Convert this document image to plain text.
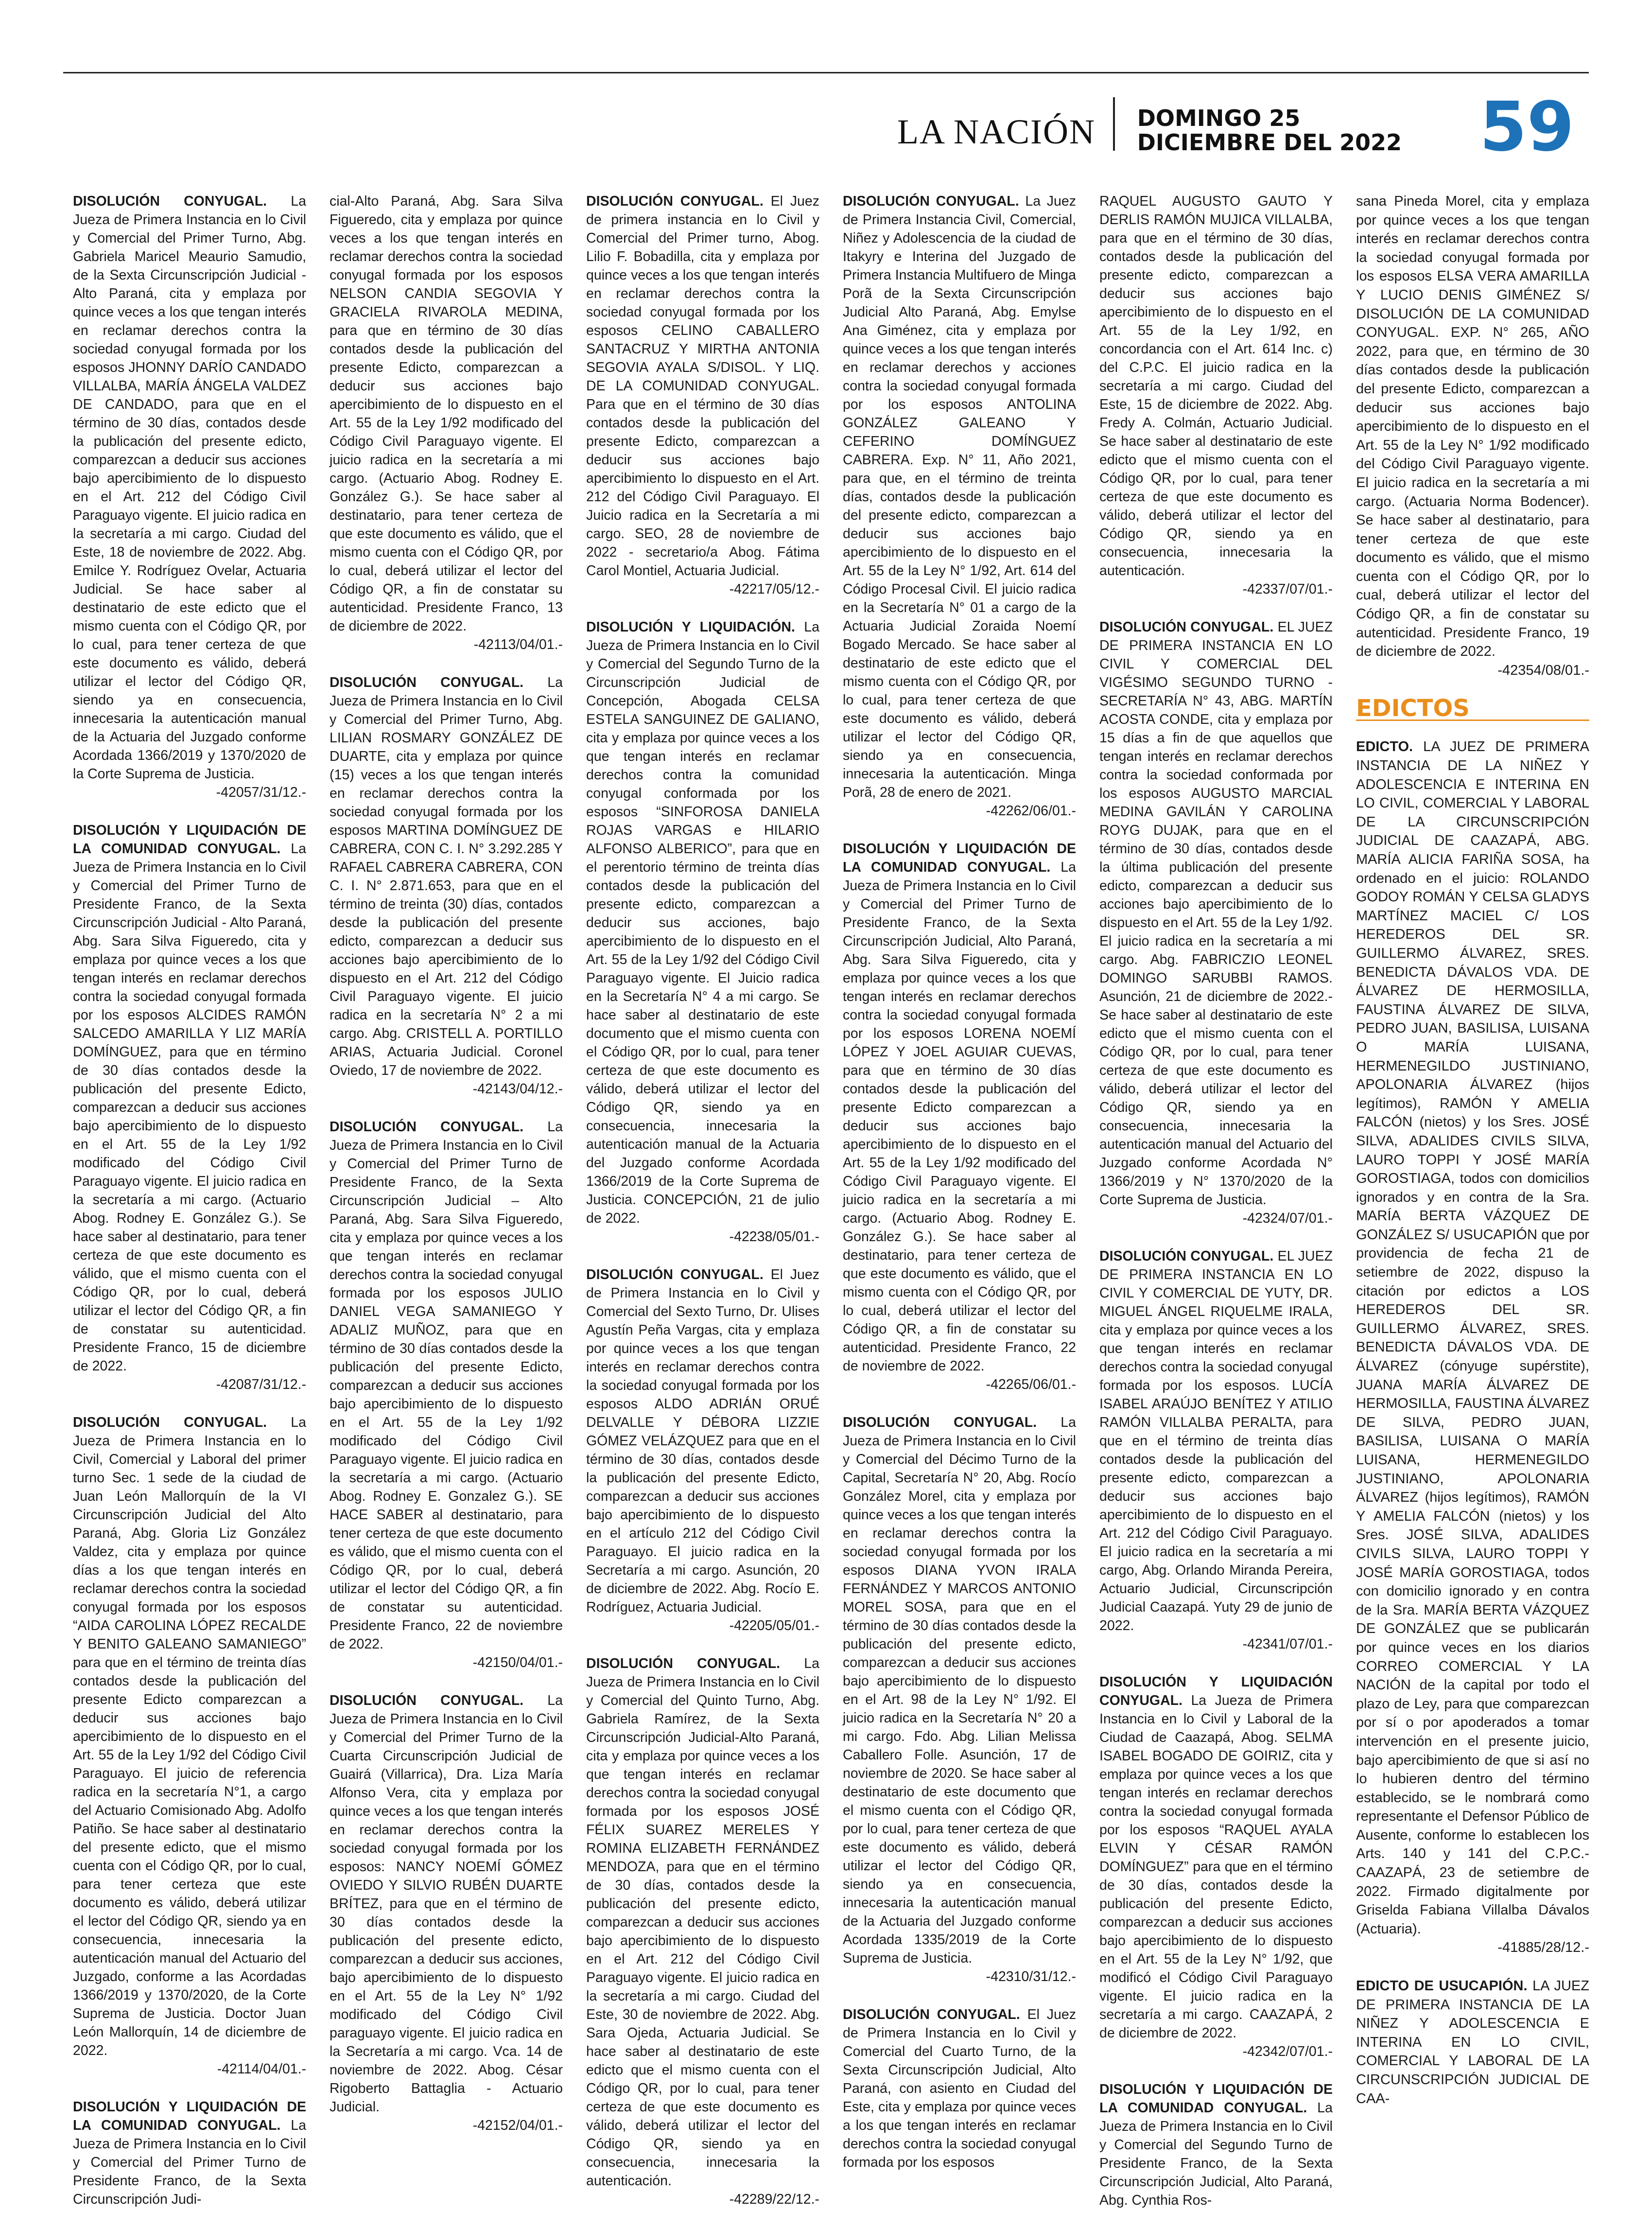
LA NACIÓN DOMINGO 25
DICIEMBRE DEL 2022 59
DISOLUCIÓN CONYUGAL. La Jueza de Primera Instancia en lo Civil y Comercial del Primer Turno, Abg. Gabriela Maricel Meaurio Samudio, de la Sexta Circunscripción Judicial - Alto Paraná, cita y emplaza por quince veces a los que tengan interés en reclamar derechos contra la sociedad conyugal formada por los esposos JHONNY DARÍO CANDADO VILLALBA, MARÍA ÁNGELA VALDEZ DE CANDADO, para que en el término de 30 días, contados desde la publicación del presente edicto, comparezcan a deducir sus acciones bajo apercibimiento de lo dispuesto en el Art. 212 del Código Civil Paraguayo vigente. El juicio radica en la secretaría a mi cargo. Ciudad del Este, 18 de noviembre de 2022. Abg. Emilce Y. Rodríguez Ovelar, Actuaria Judicial. Se hace saber al destinatario de este edicto que el mismo cuenta con el Código QR, por lo cual, para tener certeza de que este documento es válido, deberá utilizar el lector del Código QR, siendo ya en consecuencia, innecesaria la autenticación manual de la Actuaria del Juzgado conforme Acordada 1366/2019 y 1370/2020 de la Corte Suprema de Justicia.
-42057/31/12.-
DISOLUCIÓN Y LIQUIDACIÓN DE LA COMUNIDAD CONYUGAL. La Jueza de Primera Instancia en lo Civil y Comercial del Primer Turno de Presidente Franco, de la Sexta Circunscripción Judicial - Alto Paraná, Abg. Sara Silva Figueredo, cita y emplaza por quince veces a los que tengan interés en reclamar derechos contra la sociedad conyugal formada por los esposos ALCIDES RAMÓN SALCEDO AMARILLA Y LIZ MARÍA DOMÍNGUEZ, para que en término de 30 días contados desde la publicación del presente Edicto, comparezcan a deducir sus acciones bajo apercibimiento de lo dispuesto en el Art. 55 de la Ley 1/92 modificado del Código Civil Paraguayo vigente. El juicio radica en la secretaría a mi cargo. (Actuario Abog. Rodney E. González G.). Se hace saber al destinatario, para tener certeza de que este documento es válido, que el mismo cuenta con el Código QR, por lo cual, deberá utilizar el lector del Código QR, a fin de constatar su autenticidad. Presidente Franco, 15 de diciembre de 2022.
-42087/31/12.-
DISOLUCIÓN CONYUGAL. La Jueza de Primera Instancia en lo Civil, Comercial y Laboral del primer turno Sec. 1 sede de la ciudad de Juan León Mallorquín de la VI Circunscripción Judicial del Alto Paraná, Abg. Gloria Liz González Valdez, cita y emplaza por quince días a los que tengan interés en reclamar derechos contra la sociedad conyugal formada por los esposos “AIDA CAROLINA LÓPEZ RECALDE Y BENITO GALEANO SAMANIEGO” para que en el término de treinta días contados desde la publicación del presente Edicto comparezcan a deducir sus acciones bajo apercibimiento de lo dispuesto en el Art. 55 de la Ley 1/92 del Código Civil Paraguayo. El juicio de referencia radica en la secretaría N°1, a cargo del Actuario Comisionado Abg. Adolfo Patiño. Se hace saber al destinatario del presente edicto, que el mismo cuenta con el Código QR, por lo cual, para tener certeza que este documento es válido, deberá utilizar el lector del Código QR, siendo ya en consecuencia, innecesaria la autenticación manual del Actuario del Juzgado, conforme a las Acordadas 1366/2019 y 1370/2020, de la Corte Suprema de Justicia. Doctor Juan León Mallorquín, 14 de diciembre de 2022.
-42114/04/01.-
DISOLUCIÓN Y LIQUIDACIÓN DE LA COMUNIDAD CONYUGAL. La Jueza de Primera Instancia en lo Civil y Comercial del Primer Turno de Presidente Franco, de la Sexta Circunscripción Judi-
cial-Alto Paraná, Abg. Sara Silva Figueredo, cita y emplaza por quince veces a los que tengan interés en reclamar derechos contra la sociedad conyugal formada por los esposos NELSON CANDIA SEGOVIA Y GRACIELA RIVAROLA MEDINA, para que en término de 30 días contados desde la publicación del presente Edicto, comparezcan a deducir sus acciones bajo apercibimiento de lo dispuesto en el Art. 55 de la Ley 1/92 modificado del Código Civil Paraguayo vigente. El juicio radica en la secretaría a mi cargo. (Actuario Abog. Rodney E. González G.). Se hace saber al destinatario, para tener certeza de que este documento es válido, que el mismo cuenta con el Código QR, por lo cual, deberá utilizar el lector del Código QR, a fin de constatar su autenticidad. Presidente Franco, 13 de diciembre de 2022.
-42113/04/01.-
DISOLUCIÓN CONYUGAL. La Jueza de Primera Instancia en lo Civil y Comercial del Primer Turno, Abg. LILIAN ROSMARY GONZÁLEZ DE DUARTE, cita y emplaza por quince (15) veces a los que tengan interés en reclamar derechos contra la sociedad conyugal formada por los esposos MARTINA DOMÍNGUEZ DE CABRERA, CON C. I. N° 3.292.285 Y RAFAEL CABRERA CABRERA, CON C. I. N° 2.871.653, para que en el término de treinta (30) días, contados desde la publicación del presente edicto, comparezcan a deducir sus acciones bajo apercibimiento de lo dispuesto en el Art. 212 del Código Civil Paraguayo vigente. El juicio radica en la secretaría N° 2 a mi cargo. Abg. CRISTELL A. PORTILLO ARIAS, Actuaria Judicial. Coronel Oviedo, 17 de noviembre de 2022.
-42143/04/12.-
DISOLUCIÓN CONYUGAL. La Jueza de Primera Instancia en lo Civil y Comercial del Primer Turno de Presidente Franco, de la Sexta Circunscripción Judicial – Alto Paraná, Abg. Sara Silva Figueredo, cita y emplaza por quince veces a los que tengan interés en reclamar derechos contra la sociedad conyugal formada por los esposos JULIO DANIEL VEGA SAMANIEGO Y ADALIZ MUÑOZ, para que en término de 30 días contados desde la publicación del presente Edicto, comparezcan a deducir sus acciones bajo apercibimiento de lo dispuesto en el Art. 55 de la Ley 1/92 modificado del Código Civil Paraguayo vigente. El juicio radica en la secretaría a mi cargo. (Actuario Abog. Rodney E. Gonzalez G.). SE HACE SABER al destinatario, para tener certeza de que este documento es válido, que el mismo cuenta con el Código QR, por lo cual, deberá utilizar el lector del Código QR, a fin de constatar su autenticidad. Presidente Franco, 22 de noviembre de 2022.
-42150/04/01.-
DISOLUCIÓN CONYUGAL. La Jueza de Primera Instancia en lo Civil y Comercial del Primer Turno de la Cuarta Circunscripción Judicial de Guairá (Villarrica), Dra. Liza María Alfonso Vera, cita y emplaza por quince veces a los que tengan interés en reclamar derechos contra la sociedad conyugal formada por los esposos: NANCY NOEMÍ GÓMEZ OVIEDO Y SILVIO RUBÉN DUARTE BRÍTEZ, para que en el término de 30 días contados desde la publicación del presente edicto, comparezcan a deducir sus acciones, bajo apercibimiento de lo dispuesto en el Art. 55 de la Ley N° 1/92 modificado del Código Civil paraguayo vigente. El juicio radica en la Secretaría a mi cargo. Vca. 14 de noviembre de 2022. Abog. César Rigoberto Battaglia - Actuario Judicial.
-42152/04/01.-
DISOLUCIÓN CONYUGAL. El Juez de primera instancia en lo Civil y Comercial del Primer turno, Abog. Lilio F. Bobadilla, cita y emplaza por quince veces a los que tengan interés en reclamar derechos contra la sociedad conyugal formada por los esposos CELINO CABALLERO SANTACRUZ Y MIRTHA ANTONIA SEGOVIA AYALA S/DISOL. Y LIQ. DE LA COMUNIDAD CONYUGAL. Para que en el término de 30 días contados desde la publicación del presente Edicto, comparezcan a deducir sus acciones bajo apercibimiento lo dispuesto en el Art. 212 del Código Civil Paraguayo. El Juicio radica en la Secretaría a mi cargo. SEO, 28 de noviembre de 2022 - secretario/a Abog. Fátima Carol Montiel, Actuaria Judicial.
-42217/05/12.-
DISOLUCIÓN Y LIQUIDACIÓN. La Jueza de Primera Instancia en lo Civil y Comercial del Segundo Turno de la Circunscripción Judicial de Concepción, Abogada CELSA ESTELA SANGUINEZ DE GALIANO, cita y emplaza por quince veces a los que tengan interés en reclamar derechos contra la comunidad conyugal conformada por los esposos “SINFOROSA DANIELA ROJAS VARGAS e HILARIO ALFONSO ALBERICO”, para que en el perentorio término de treinta días contados desde la publicación del presente edicto, comparezcan a deducir sus acciones, bajo apercibimiento de lo dispuesto en el Art. 55 de la Ley 1/92 del Código Civil Paraguayo vigente. El Juicio radica en la Secretaría N° 4 a mi cargo. Se hace saber al destinatario de este documento que el mismo cuenta con el Código QR, por lo cual, para tener certeza de que este documento es válido, deberá utilizar el lector del Código QR, siendo ya en consecuencia, innecesaria la autenticación manual de la Actuaria del Juzgado conforme Acordada 1366/2019 de la Corte Suprema de Justicia. CONCEPCIÓN, 21 de julio de 2022.
-42238/05/01.-
DISOLUCIÓN CONYUGAL. El Juez de Primera Instancia en lo Civil y Comercial del Sexto Turno, Dr. Ulises Agustín Peña Vargas, cita y emplaza por quince veces a los que tengan interés en reclamar derechos contra la sociedad conyugal formada por los esposos ALDO ADRIÁN ORUÉ DELVALLE Y DÉBORA LIZZIE GÓMEZ VELÁZQUEZ para que en el término de 30 días, contados desde la publicación del presente Edicto, comparezcan a deducir sus acciones bajo apercibimiento de lo dispuesto en el artículo 212 del Código Civil Paraguayo. El juicio radica en la Secretaría a mi cargo. Asunción, 20 de diciembre de 2022. Abg. Rocío E. Rodríguez, Actuaria Judicial.
-42205/05/01.-
DISOLUCIÓN CONYUGAL. La Jueza de Primera Instancia en lo Civil y Comercial del Quinto Turno, Abg. Gabriela Ramírez, de la Sexta Circunscripción Judicial-Alto Paraná, cita y emplaza por quince veces a los que tengan interés en reclamar derechos contra la sociedad conyugal formada por los esposos JOSÉ FÉLIX SUAREZ MERELES Y ROMINA ELIZABETH FERNÁNDEZ MENDOZA, para que en el término de 30 días, contados desde la publicación del presente edicto, comparezcan a deducir sus acciones bajo apercibimiento de lo dispuesto en el Art. 212 del Código Civil Paraguayo vigente. El juicio radica en la secretaría a mi cargo. Ciudad del Este, 30 de noviembre de 2022. Abg. Sara Ojeda, Actuaria Judicial. Se hace saber al destinatario de este edicto que el mismo cuenta con el Código QR, por lo cual, para tener certeza de que este documento es válido, deberá utilizar el lector del Código QR, siendo ya en consecuencia, innecesaria la autenticación.
-42289/22/12.-
DISOLUCIÓN CONYUGAL. La Juez de Primera Instancia Civil, Comercial, Niñez y Adolescencia de la ciudad de Itakyry e Interina del Juzgado de Primera Instancia Multifuero de Minga Porã de la Sexta Circunscripción Judicial Alto Paraná, Abg. Emylse Ana Giménez, cita y emplaza por quince veces a los que tengan interés en reclamar derechos y acciones contra la sociedad conyugal formada por los esposos ANTOLINA GONZÁLEZ GALEANO Y CEFERINO DOMÍNGUEZ CABRERA. Exp. N° 11, Año 2021, para que, en el término de treinta días, contados desde la publicación del presente edicto, comparezcan a deducir sus acciones bajo apercibimiento de lo dispuesto en el Art. 55 de la Ley N° 1/92, Art. 614 del Código Procesal Civil. El juicio radica en la Secretaría N° 01 a cargo de la Actuaria Judicial Zoraida Noemí Bogado Mercado. Se hace saber al destinatario de este edicto que el mismo cuenta con el Código QR, por lo cual, para tener certeza de que este documento es válido, deberá utilizar el lector del Código QR, siendo ya en consecuencia, innecesaria la autenticación. Minga Porã, 28 de enero de 2021.
-42262/06/01.-
DISOLUCIÓN Y LIQUIDACIÓN DE LA COMUNIDAD CONYUGAL. La Jueza de Primera Instancia en lo Civil y Comercial del Primer Turno de Presidente Franco, de la Sexta Circunscripción Judicial, Alto Paraná, Abg. Sara Silva Figueredo, cita y emplaza por quince veces a los que tengan interés en reclamar derechos contra la sociedad conyugal formada por los esposos LORENA NOEMÍ LÓPEZ Y JOEL AGUIAR CUEVAS, para que en término de 30 días contados desde la publicación del presente Edicto comparezcan a deducir sus acciones bajo apercibimiento de lo dispuesto en el Art. 55 de la Ley 1/92 modificado del Código Civil Paraguayo vigente. El juicio radica en la secretaría a mi cargo. (Actuario Abog. Rodney E. González G.). Se hace saber al destinatario, para tener certeza de que este documento es válido, que el mismo cuenta con el Código QR, por lo cual, deberá utilizar el lector del Código QR, a fin de constatar su autenticidad. Presidente Franco, 22 de noviembre de 2022.
-42265/06/01.-
DISOLUCIÓN CONYUGAL. La Jueza de Primera Instancia en lo Civil y Comercial del Décimo Turno de la Capital, Secretaría N° 20, Abg. Rocío González Morel, cita y emplaza por quince veces a los que tengan interés en reclamar derechos contra la sociedad conyugal formada por los esposos DIANA YVON IRALA FERNÁNDEZ Y MARCOS ANTONIO MOREL SOSA, para que en el término de 30 días contados desde la publicación del presente edicto, comparezcan a deducir sus acciones bajo apercibimiento de lo dispuesto en el Art. 98 de la Ley N° 1/92. El juicio radica en la Secretaría N° 20 a mi cargo. Fdo. Abg. Lilian Melissa Caballero Folle. Asunción, 17 de noviembre de 2020. Se hace saber al destinatario de este documento que el mismo cuenta con el Código QR, por lo cual, para tener certeza de que este documento es válido, deberá utilizar el lector del Código QR, siendo ya en consecuencia, innecesaria la autenticación manual de la Actuaria del Juzgado conforme Acordada 1335/2019 de la Corte Suprema de Justicia.
-42310/31/12.-
DISOLUCIÓN CONYUGAL. El Juez de Primera Instancia en lo Civil y Comercial del Cuarto Turno, de la Sexta Circunscripción Judicial, Alto Paraná, con asiento en Ciudad del Este, cita y emplaza por quince veces a los que tengan interés en reclamar derechos contra la sociedad conyugal formada por los esposos
RAQUEL AUGUSTO GAUTO Y DERLIS RAMÓN MUJICA VILLALBA, para que en el término de 30 días, contados desde la publicación del presente edicto, comparezcan a deducir sus acciones bajo apercibimiento de lo dispuesto en el Art. 55 de la Ley 1/92, en concordancia con el Art. 614 Inc. c) del C.P.C. El juicio radica en la secretaría a mi cargo. Ciudad del Este, 15 de diciembre de 2022. Abg. Fredy A. Colmán, Actuario Judicial. Se hace saber al destinatario de este edicto que el mismo cuenta con el Código QR, por lo cual, para tener certeza de que este documento es válido, deberá utilizar el lector del Código QR, siendo ya en consecuencia, innecesaria la autenticación.
-42337/07/01.-
DISOLUCIÓN CONYUGAL. EL JUEZ DE PRIMERA INSTANCIA EN LO CIVIL Y COMERCIAL DEL VIGÉSIMO SEGUNDO TURNO - SECRETARÍA N° 43, ABG. MARTÍN ACOSTA CONDE, cita y emplaza por 15 días a fin de que aquellos que tengan interés en reclamar derechos contra la sociedad conformada por los esposos AUGUSTO MARCIAL MEDINA GAVILÁN Y CAROLINA ROYG DUJAK, para que en el término de 30 días, contados desde la última publicación del presente edicto, comparezcan a deducir sus acciones bajo apercibimiento de lo dispuesto en el Art. 55 de la Ley 1/92. El juicio radica en la secretaría a mi cargo. Abg. FABRICZIO LEONEL DOMINGO SARUBBI RAMOS. Asunción, 21 de diciembre de 2022.- Se hace saber al destinatario de este edicto que el mismo cuenta con el Código QR, por lo cual, para tener certeza de que este documento es válido, deberá utilizar el lector del Código QR, siendo ya en consecuencia, innecesaria la autenticación manual del Actuario del Juzgado conforme Acordada N° 1366/2019 y N° 1370/2020 de la Corte Suprema de Justicia.
-42324/07/01.-
DISOLUCIÓN CONYUGAL. EL JUEZ DE PRIMERA INSTANCIA EN LO CIVIL Y COMERCIAL DE YUTY, DR. MIGUEL ÁNGEL RIQUELME IRALA, cita y emplaza por quince veces a los que tengan interés en reclamar derechos contra la sociedad conyugal formada por los esposos. LUCÍA ISABEL ARAÚJO BENÍTEZ Y ATILIO RAMÓN VILLALBA PERALTA, para que en el término de treinta días contados desde la publicación del presente edicto, comparezcan a deducir sus acciones bajo apercibimiento de lo dispuesto en el Art. 212 del Código Civil Paraguayo. El juicio radica en la secretaría a mi cargo, Abg. Orlando Miranda Pereira, Actuario Judicial, Circunscripción Judicial Caazapá. Yuty 29 de junio de 2022.
-42341/07/01.-
DISOLUCIÓN Y LIQUIDACIÓN CONYUGAL. La Jueza de Primera Instancia en lo Civil y Laboral de la Ciudad de Caazapá, Abog. SELMA ISABEL BOGADO DE GOIRIZ, cita y emplaza por quince veces a los que tengan interés en reclamar derechos contra la sociedad conyugal formada por los esposos “RAQUEL AYALA ELVIN Y CÉSAR RAMÓN DOMÍNGUEZ” para que en el término de 30 días, contados desde la publicación del presente Edicto, comparezcan a deducir sus acciones bajo apercibimiento de lo dispuesto en el Art. 55 de la Ley N° 1/92, que modificó el Código Civil Paraguayo vigente. El juicio radica en la secretaría a mi cargo. CAAZAPÁ, 2 de diciembre de 2022.
-42342/07/01.-
DISOLUCIÓN Y LIQUIDACIÓN DE LA COMUNIDAD CONYUGAL. La Jueza de Primera Instancia en lo Civil y Comercial del Segundo Turno de Presidente Franco, de la Sexta Circunscripción Judicial, Alto Paraná, Abg. Cynthia Ros-
sana Pineda Morel, cita y emplaza por quince veces a los que tengan interés en reclamar derechos contra la sociedad conyugal formada por los esposos ELSA VERA AMARILLA Y LUCIO DENIS GIMÉNEZ S/ DISOLUCIÓN DE LA COMUNIDAD CONYUGAL. EXP. N° 265, AÑO 2022, para que, en término de 30 días contados desde la publicación del presente Edicto, comparezcan a deducir sus acciones bajo apercibimiento de lo dispuesto en el Art. 55 de la Ley N° 1/92 modificado del Código Civil Paraguayo vigente. El juicio radica en la secretaría a mi cargo. (Actuaria Norma Bodencer). Se hace saber al destinatario, para tener certeza de que este documento es válido, que el mismo cuenta con el Código QR, por lo cual, deberá utilizar el lector del Código QR, a fin de constatar su autenticidad. Presidente Franco, 19 de diciembre de 2022.
-42354/08/01.-
EDICTOS
EDICTO. LA JUEZ DE PRIMERA INSTANCIA DE LA NIÑEZ Y ADOLESCENCIA E INTERINA EN LO CIVIL, COMERCIAL Y LABORAL DE LA CIRCUNSCRIPCIÓN JUDICIAL DE CAAZAPÁ, ABG. MARÍA ALICIA FARIÑA SOSA, ha ordenado en el juicio: ROLANDO GODOY ROMÁN Y CELSA GLADYS MARTÍNEZ MACIEL C/ LOS HEREDEROS DEL SR. GUILLERMO ÁLVAREZ, SRES. BENEDICTA DÁVALOS VDA. DE ÁLVAREZ DE HERMOSILLA, FAUSTINA ÁLVAREZ DE SILVA, PEDRO JUAN, BASILISA, LUISANA O MARÍA LUISANA, HERMENEGILDO JUSTINIANO, APOLONARIA ÁLVAREZ (hijos legítimos), RAMÓN Y AMELIA FALCÓN (nietos) y los Sres. JOSÉ SILVA, ADALIDES CIVILS SILVA, LAURO TOPPI Y JOSÉ MARÍA GOROSTIAGA, todos con domicilios ignorados y en contra de la Sra. MARÍA BERTA VÁZQUEZ DE GONZÁLEZ S/ USUCAPIÓN que por providencia de fecha 21 de setiembre de 2022, dispuso la citación por edictos a LOS HEREDEROS DEL SR. GUILLERMO ÁLVAREZ, SRES. BENEDICTA DÁVALOS VDA. DE ÁLVAREZ (cónyuge supérstite), JUANA MARÍA ÁLVAREZ DE HERMOSILLA, FAUSTINA ÁLVAREZ DE SILVA, PEDRO JUAN, BASILISA, LUISANA O MARÍA LUISANA, HERMENEGILDO JUSTINIANO, APOLONARIA ÁLVAREZ (hijos legítimos), RAMÓN Y AMELIA FALCÓN (nietos) y los Sres. JOSÉ SILVA, ADALIDES CIVILS SILVA, LAURO TOPPI Y JOSÉ MARÍA GOROSTIAGA, todos con domicilio ignorado y en contra de la Sra. MARÍA BERTA VÁZQUEZ DE GONZÁLEZ que se publicarán por quince veces en los diarios CORREO COMERCIAL Y LA NACIÓN de la capital por todo el plazo de Ley, para que comparezcan por sí o por apoderados a tomar intervención en el presente juicio, bajo apercibimiento de que si así no lo hubieren dentro del término establecido, se le nombrará como representante el Defensor Público de Ausente, conforme lo establecen los Arts. 140 y 141 del C.P.C.- CAAZAPÁ, 23 de setiembre de 2022. Firmado digitalmente por Griselda Fabiana Villalba Dávalos (Actuaria).
-41885/28/12.-
EDICTO DE USUCAPIÓN. LA JUEZ DE PRIMERA INSTANCIA DE LA NIÑEZ Y ADOLESCENCIA E INTERINA EN LO CIVIL, COMERCIAL Y LABORAL DE LA CIRCUNSCRIPCIÓN JUDICIAL DE CAA-
